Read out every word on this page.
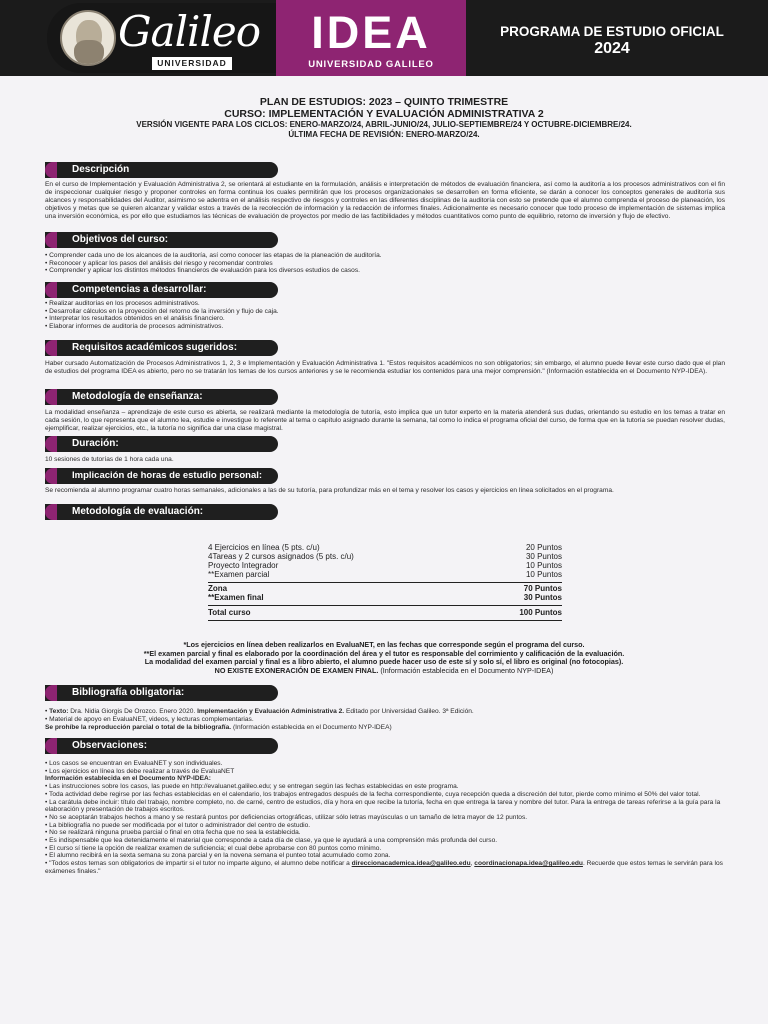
Galileo
UNIVERSIDAD
IDEA
UNIVERSIDAD GALILEO
PROGRAMA DE ESTUDIO OFICIAL
2024
PLAN DE ESTUDIOS: 2023 – QUINTO TRIMESTRE
CURSO: IMPLEMENTACIÓN Y EVALUACIÓN ADMINISTRATIVA 2
VERSIÓN VIGENTE PARA LOS CICLOS: ENERO-MARZO/24, ABRIL-JUNIO/24, JULIO-SEPTIEMBRE/24 Y OCTUBRE-DICIEMBRE/24.
ÚLTIMA FECHA DE REVISIÓN: ENERO-MARZO/24.
Descripción
En el curso de Implementación y Evaluación Administrativa 2, se orientará al estudiante en la formulación, análisis e interpretación de métodos de evaluación financiera, así como la auditoría a los procesos administrativos con el fin de inspeccionar cualquier riesgo y proponer controles en forma continua los cuales permitirán que los procesos organizacionales se desarrollen en forma eficiente, se darán a conocer los conceptos generales de auditoría sus alcances y responsabilidades del Auditor, asimismo se adentra en el análisis respectivo de riesgos y controles en las diferentes disciplinas de la auditoría con esto se pretende que el alumno comprenda el proceso de planeación, los objetivos y metas que se quieren alcanzar y validar estos a través de la recolección de información y la redacción de informes finales. Adicionalmente es necesario conocer que todo proceso de implementación de sistemas implica una inversión económica, es por ello que estudiamos las técnicas de evaluación de proyectos por medio de las factibilidades y métodos cuantitativos como punto de equilibrio, retorno de inversión y flujo de efectivo.
Objetivos del curso:
• Comprender cada uno de los alcances de la auditoría, así como conocer las etapas de la planeación de auditoría.
• Reconocer y aplicar los pasos del análisis del riesgo y recomendar controles
• Comprender y aplicar los distintos métodos financieros de evaluación para los diversos estudios de casos.
Competencias a desarrollar:
• Realizar auditorías en los procesos administrativos.
• Desarrollar cálculos en la proyección del retorno de la inversión y flujo de caja.
• Interpretar los resultados obtenidos en el análisis financiero.
• Elaborar informes de auditoría de procesos administrativos.
Requisitos académicos sugeridos:
Haber cursado Automatización de Procesos Administrativos 1, 2, 3 e Implementación y Evaluación Administrativa 1. "Estos requisitos académicos no son obligatorios; sin embargo, el alumno puede llevar este curso dado que el plan de estudios del programa IDEA es abierto, pero no se tratarán los temas de los cursos anteriores y se le recomienda estudiar los contenidos para una mejor comprensión." (Información establecida en el Documento NYP-IDEA).
Metodología de enseñanza:
La modalidad enseñanza – aprendizaje de este curso es abierta, se realizará mediante la metodología de tutoría, esto implica que un tutor experto en la materia atenderá sus dudas, orientando su estudio en los temas a tratar en cada sesión, lo que representa que el alumno lea, estudie e investigue lo referente al tema o capítulo asignado durante la semana, tal como lo indica el programa oficial del curso, de forma que en la tutoría se puedan resolver dudas, ejemplificar, realizar ejercicios, etc., la tutoría no significa dar una clase magistral.
Duración:
10 sesiones de tutorías de 1 hora cada una.
Implicación de horas de estudio personal:
Se recomienda al alumno programar cuatro horas semanales, adicionales a las de su tutoría, para profundizar más en el tema y resolver los casos y ejercicios en línea solicitados en el programa.
Metodología de evaluación:
4 Ejercicios en línea (5 pts. c/u)	20 Puntos
4Tareas y 2 cursos asignados (5 pts. c/u)	30 Puntos
Proyecto Integrador	10 Puntos
**Examen parcial	10 Puntos
Zona	70 Puntos
**Examen final	30 Puntos
Total curso	100 Puntos
*Los ejercicios en línea deben realizarlos en EvaluaNET, en las fechas que corresponde según el programa del curso.
**El examen parcial y final es elaborado por la coordinación del área y el tutor es responsable del corrimiento y calificación de la evaluación.
La modalidad del examen parcial y final es a libro abierto, el alumno puede hacer uso de este sí y solo sí, el libro es original (no fotocopias).
NO EXISTE EXONERACIÓN DE EXAMEN FINAL. (Información establecida en el Documento NYP-IDEA)
Bibliografía obligatoria:
• Texto: Dra. Nidia Giorgis De Orozco. Enero 2020. Implementación y Evaluación Administrativa 2. Editado por Universidad Galileo. 3ª Edición.
• Material de apoyo en EvaluaNET, videos, y lecturas complementarias.
Se prohíbe la reproducción parcial o total de la bibliografía. (Información establecida en el Documento NYP-IDEA)
Observaciones:
• Los casos se encuentran en EvaluaNET y son individuales.
• Los ejercicios en línea los debe realizar a través de EvaluaNET
Información establecida en el Documento NYP-IDEA:
• Las instrucciones sobre los casos, las puede en http://evaluanet.galileo.edu; y se entregan según las fechas establecidas en este programa.
• Toda actividad debe regirse por las fechas establecidas en el calendario, los trabajos entregados después de la fecha correspondiente, cuya recepción queda a discreción del tutor, pierde como mínimo el 50% del valor total.
• La carátula debe incluir: título del trabajo, nombre completo, no. de carné, centro de estudios, día y hora en que recibe la tutoría, fecha en que entrega la tarea y nombre del tutor. Para la entrega de tareas referirse a la guía para la elaboración y presentación de trabajos escritos.
• No se aceptarán trabajos hechos a mano y se restará puntos por deficiencias ortográficas, utilizar sólo letras mayúsculas o un tamaño de letra mayor de 12 puntos.
• La bibliografía no puede ser modificada por el tutor o administrador del centro de estudio.
• No se realizará ninguna prueba parcial o final en otra fecha que no sea la establecida.
• Es indispensable que lea detenidamente el material que corresponde a cada día de clase, ya que le ayudará a una comprensión más profunda del curso.
• El curso sí tiene la opción de realizar examen de suficiencia; el cual debe aprobarse con 80 puntos como mínimo.
• El alumno recibirá en la sexta semana su zona parcial y en la novena semana el punteo total acumulado como zona.
• "Todos estos temas son obligatorios de impartir si el tutor no imparte alguno, el alumno debe notificar a direccionacademica.idea@galileo.edu, coordinacionapa.idea@galileo.edu. Recuerde que estos temas le servirán para los exámenes finales."
